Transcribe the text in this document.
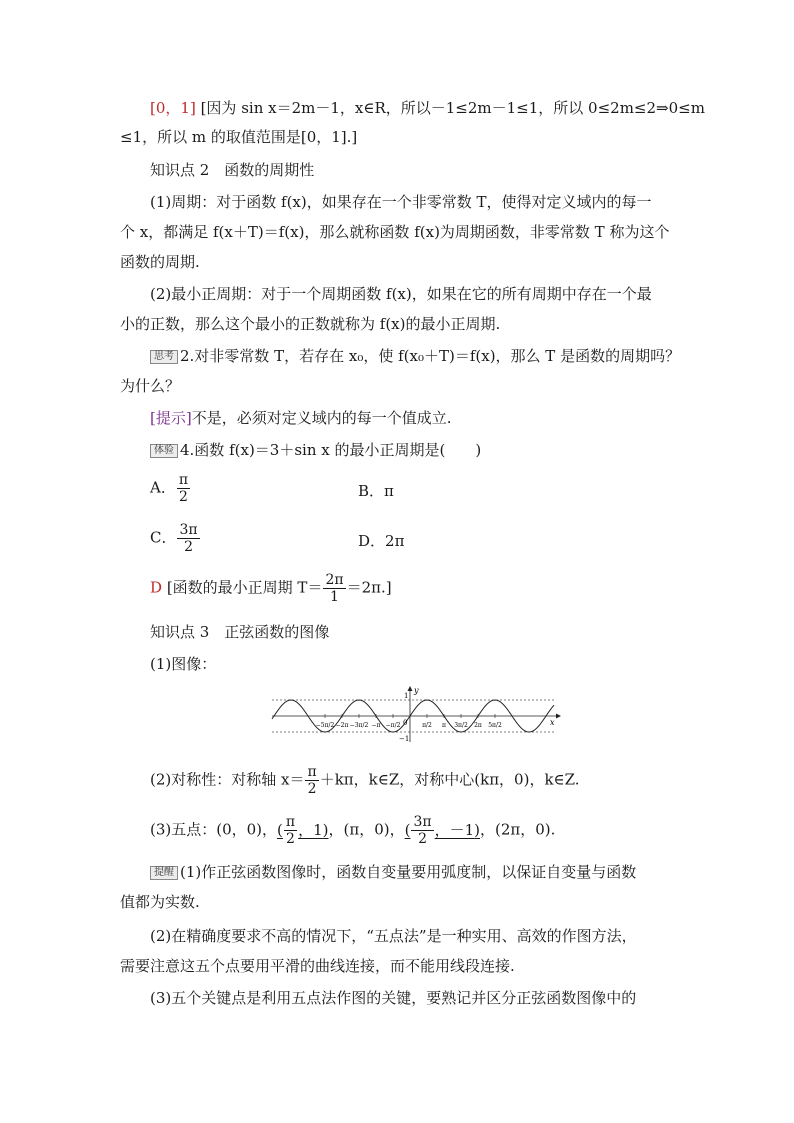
[0，1] [因为 sin x＝2m－1，x∈R，所以－1≤2m－1≤1，所以 0≤2m≤2⇒0≤m
≤1，所以 m 的取值范围是[0，1].]
知识点 2　函数的周期性
(1)周期：对于函数 f(x)，如果存在一个非零常数 T，使得对定义域内的每一
个 x，都满足 f(x＋T)＝f(x)，那么就称函数 f(x)为周期函数，非零常数 T 称为这个
函数的周期.
(2)最小正周期：对于一个周期函数 f(x)，如果在它的所有周期中存在一个最
小的正数，那么这个最小的正数就称为 f(x)的最小正周期.
思考 2.对非零常数 T，若存在 x₀，使 f(x₀＋T)＝f(x)，那么 T 是函数的周期吗？
为什么？
[提示]不是，必须对定义域内的每一个值成立.
体验 4.函数 f(x)＝3＋sin x 的最小正周期是(　　)
A． $\frac{\pi}{2}$	B．π
C． $\frac{3\pi}{2}$	D．2π
D [函数的最小正周期 $T= \frac{2\pi}{1} =2\pi$.]
知识点 3　正弦函数的图像
(1)图像：
y
x
0
1
−1
−5π/2 −2π −3π/2 −π −π/2	π/2 π 3π/2 2π 5π/2
(2)对称性：对称轴 $x= \frac{\pi}{2} +k\pi$，k∈Z，对称中心(kπ，0)，k∈Z.
(3)五点：(0，0)，( $\frac{\pi}{2}$ ，1)，(π，0)，( $\frac{3\pi}{2}$ ，－1)，(2π，0).
提醒 (1)作正弦函数图像时，函数自变量要用弧度制，以保证自变量与函数
值都为实数.
(2)在精确度要求不高的情况下，“五点法”是一种实用、高效的作图方法，
需要注意这五个点要用平滑的曲线连接，而不能用线段连接.
(3)五个关键点是利用五点法作图的关键，要熟记并区分正弦函数图像中的
